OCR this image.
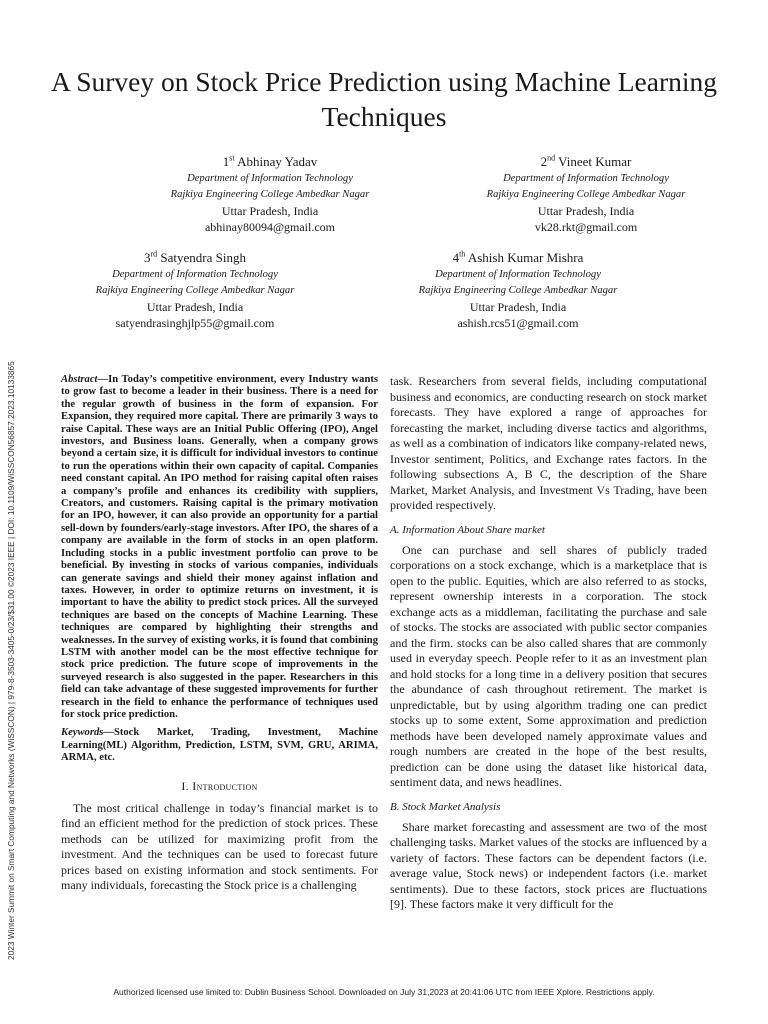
A Survey on Stock Price Prediction using Machine Learning Techniques
1st Abhinay Yadav
Department of Information Technology
Rajkiya Engineering College Ambedkar Nagar
Uttar Pradesh, India
abhinay80094@gmail.com
2nd Vineet Kumar
Department of Information Technology
Rajkiya Engineering College Ambedkar Nagar
Uttar Pradesh, India
vk28.rkt@gmail.com
3rd Satyendra Singh
Department of Information Technology
Rajkiya Engineering College Ambedkar Nagar
Uttar Pradesh, India
satyendrasinghjlp55@gmail.com
4th Ashish Kumar Mishra
Department of Information Technology
Rajkiya Engineering College Ambedkar Nagar
Uttar Pradesh, India
ashish.rcs51@gmail.com
2023 Winter Summit on Smart Computing and Networks (WiSSCON) | 979-8-3503-3405-0/23/$31.00 ©2023 IEEE | DOI: 10.1109/WiSSCON56857.2023.10133865	Abstract—In Today’s competitive environment, every Industry wants to grow fast to become a leader in their business. There is a need for the regular growth of business in the form of expansion. For Expansion, they required more capital. There are primarily 3 ways to raise Capital. These ways are an Initial Public Offering (IPO), Angel investors, and Business loans. Generally, when a company grows beyond a certain size, it is difficult for individual investors to continue to run the operations within their own capacity of capital. Companies need constant capital. An IPO method for raising capital often raises a company’s profile and enhances its credibility with suppliers, Creators, and customers. Raising capital is the primary motivation for an IPO, however, it can also provide an opportunity for a partial sell-down by founders/early-stage investors. After IPO, the shares of a company are available in the form of stocks in an open platform. Including stocks in a public investment portfolio can prove to be beneficial. By investing in stocks of various companies, individuals can generate savings and shield their money against inflation and taxes. However, in order to optimize returns on investment, it is important to have the ability to predict stock prices. All the surveyed techniques are based on the concepts of Machine Learning. These techniques are compared by highlighting their strengths and weaknesses. In the survey of existing works, it is found that combining LSTM with another model can be the most effective technique for stock price prediction. The future scope of improvements in the surveyed research is also suggested in the paper. Researchers in this field can take advantage of these suggested improvements for further research in the field to enhance the performance of techniques used for stock price prediction.

Keywords—Stock Market, Trading, Investment, Machine Learning(ML) Algorithm, Prediction, LSTM, SVM, GRU, ARIMA, ARMA, etc.

I. Introduction

The most critical challenge in today’s financial market is to find an efficient method for the prediction of stock prices. These methods can be utilized for maximizing profit from the investment. And the techniques can be used to forecast future prices based on existing information and stock sentiments. For many individuals, forecasting the Stock price is a challenging

task. Researchers from several fields, including computational business and economics, are conducting research on stock market forecasts. They have explored a range of approaches for forecasting the market, including diverse tactics and algorithms, as well as a combination of indicators like company-related news, Investor sentiment, Politics, and Exchange rates factors. In the following subsections A, B C, the description of the Share Market, Market Analysis, and Investment Vs Trading, have been provided respectively.

A. Information About Share market

One can purchase and sell shares of publicly traded corporations on a stock exchange, which is a marketplace that is open to the public. Equities, which are also referred to as stocks, represent ownership interests in a corporation. The stock exchange acts as a middleman, facilitating the purchase and sale of stocks. The stocks are associated with public sector companies and the firm. stocks can be also called shares that are commonly used in everyday speech. People refer to it as an investment plan and hold stocks for a long time in a delivery position that secures the abundance of cash throughout retirement. The market is unpredictable, but by using algorithm trading one can predict stocks up to some extent, Some approximation and prediction methods have been developed namely approximate values and rough numbers are created in the hope of the best results, prediction can be done using the dataset like historical data, sentiment data, and news headlines.

B. Stock Market Analysis

Share market forecasting and assessment are two of the most challenging tasks. Market values of the stocks are influenced by a variety of factors. These factors can be dependent factors (i.e. average value, Stock news) or independent factors (i.e. market sentiments). Due to these factors, stock prices are fluctuations [9]. These factors make it very difficult for the

Authorized licensed use limited to: Dublin Business School. Downloaded on July 31,2023 at 20:41:06 UTC from IEEE Xplore. Restrictions apply.
